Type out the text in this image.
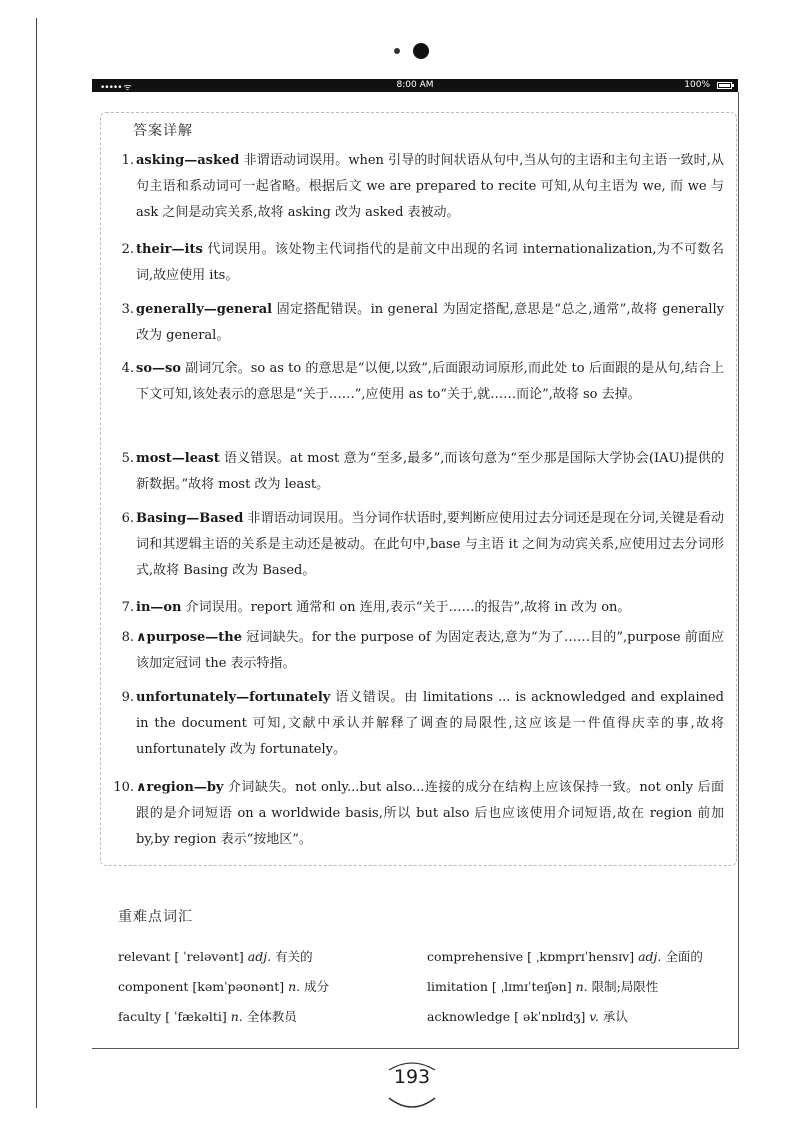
••••• ᯤ	8:00 AM	100%
答案详解
1. asking—asked 非谓语动词误用。when 引导的时间状语从句中,当从句的主语和主句主语一致时,从句主语和系动词可一起省略。根据后文 we are prepared to recite 可知,从句主语为 we, 而 we 与 ask 之间是动宾关系,故将 asking 改为 asked 表被动。
2. their—its 代词误用。该处物主代词指代的是前文中出现的名词 internationalization,为不可数名词,故应使用 its。
3. generally—general 固定搭配错误。in general 为固定搭配,意思是“总之,通常”,故将 generally 改为 general。
4. so—so 副词冗余。so as to 的意思是“以便,以致”,后面跟动词原形,而此处 to 后面跟的是从句,结合上下文可知,该处表示的意思是“关于……”,应使用 as to“关于,就……而论”,故将 so 去掉。
5. most—least 语义错误。at most 意为“至多,最多”,而该句意为“至少那是国际大学协会(IAU)提供的新数据。”故将 most 改为 least。
6. Basing—Based 非谓语动词误用。当分词作状语时,要判断应使用过去分词还是现在分词,关键是看动词和其逻辑主语的关系是主动还是被动。在此句中,base 与主语 it 之间为动宾关系,应使用过去分词形式,故将 Basing 改为 Based。
7. in—on 介词误用。report 通常和 on 连用,表示“关于……的报告”,故将 in 改为 on。
8. ∧purpose—the 冠词缺失。for the purpose of 为固定表达,意为“为了……目的”,purpose 前面应该加定冠词 the 表示特指。
9. unfortunately—fortunately 语义错误。由 limitations ... is acknowledged and explained in the document 可知,文献中承认并解释了调查的局限性,这应该是一件值得庆幸的事,故将 unfortunately 改为 fortunately。
10. ∧region—by 介词缺失。not only...but also...连接的成分在结构上应该保持一致。not only 后面跟的是介词短语 on a worldwide basis,所以 but also 后也应该使用介词短语,故在 region 前加 by,by region 表示“按地区”。
重难点词汇
relevant [ ˈreləvənt] adj. 有关的
component [kəmˈpəʊnənt] n. 成分
faculty [ ˈfækəlti] n. 全体教员
comprehensive [ ˌkɒmprɪˈhensɪv] adj. 全面的
limitation [ ˌlɪmɪˈteɪʃən] n. 限制;局限性
acknowledge [ əkˈnɒlɪdʒ] v. 承认
193
